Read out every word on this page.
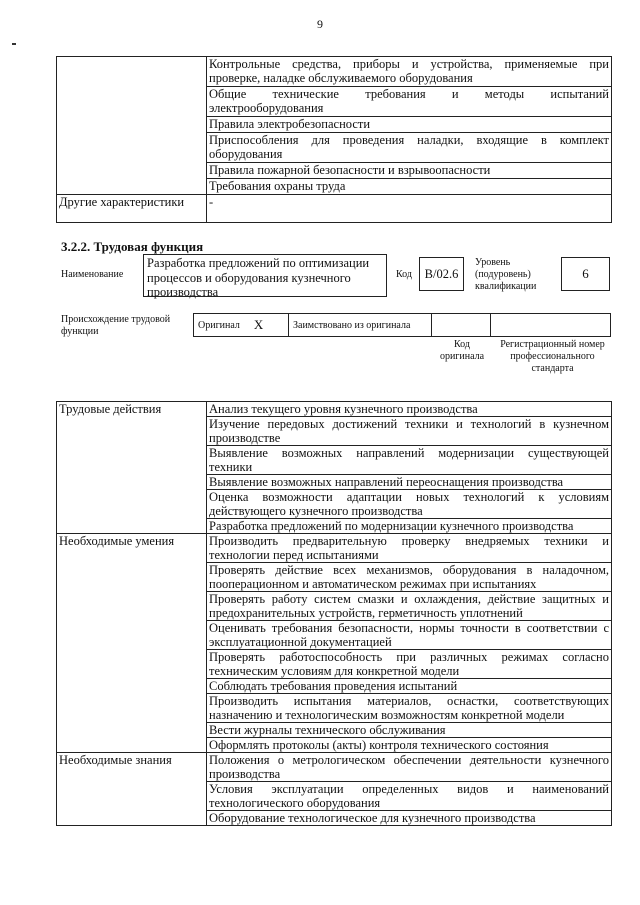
9
	Контрольные средства, приборы и устройства, применяемые при проверке, наладке обслуживаемого оборудования
	Общие технические требования и методы испытаний электрооборудования
	Правила электробезопасности
	Приспособления для проведения наладки, входящие в комплект оборудования
	Правила пожарной безопасности и взрывоопасности
	Требования охраны труда
Другие характеристики	-
3.2.2. Трудовая функция
Наименование
Разработка предложений по оптимизации процессов и оборудования кузнечного производства
Код	B/02.6
Уровень (подуровень) квалификации
6
Происхождение трудовой функции
Оригинал X	Заимствовано из оригинала
Код оригинала
Регистрационный номер профессионального стандарта
Трудовые действия	Анализ текущего уровня кузнечного производства
	Изучение передовых достижений техники и технологий в кузнечном производстве
	Выявление возможных направлений модернизации существующей техники
	Выявление возможных направлений переоснащения производства
	Оценка возможности адаптации новых технологий к условиям действующего кузнечного производства
	Разработка предложений по модернизации кузнечного производства
Необходимые умения	Производить предварительную проверку внедряемых техники и технологии перед испытаниями
	Проверять действие всех механизмов, оборудования в наладочном, пооперационном и автоматическом режимах при испытаниях
	Проверять работу систем смазки и охлаждения, действие защитных и предохранительных устройств, герметичность уплотнений
	Оценивать требования безопасности, нормы точности в соответствии с эксплуатационной документацией
	Проверять работоспособность при различных режимах согласно техническим условиям для конкретной модели
	Соблюдать требования проведения испытаний
	Производить испытания материалов, оснастки, соответствующих назначению и технологическим возможностям конкретной модели
	Вести журналы технического обслуживания
	Оформлять протоколы (акты) контроля технического состояния
Необходимые знания	Положения о метрологическом обеспечении деятельности кузнечного производства
	Условия эксплуатации определенных видов и наименований технологического оборудования
	Оборудование технологическое для кузнечного производства
